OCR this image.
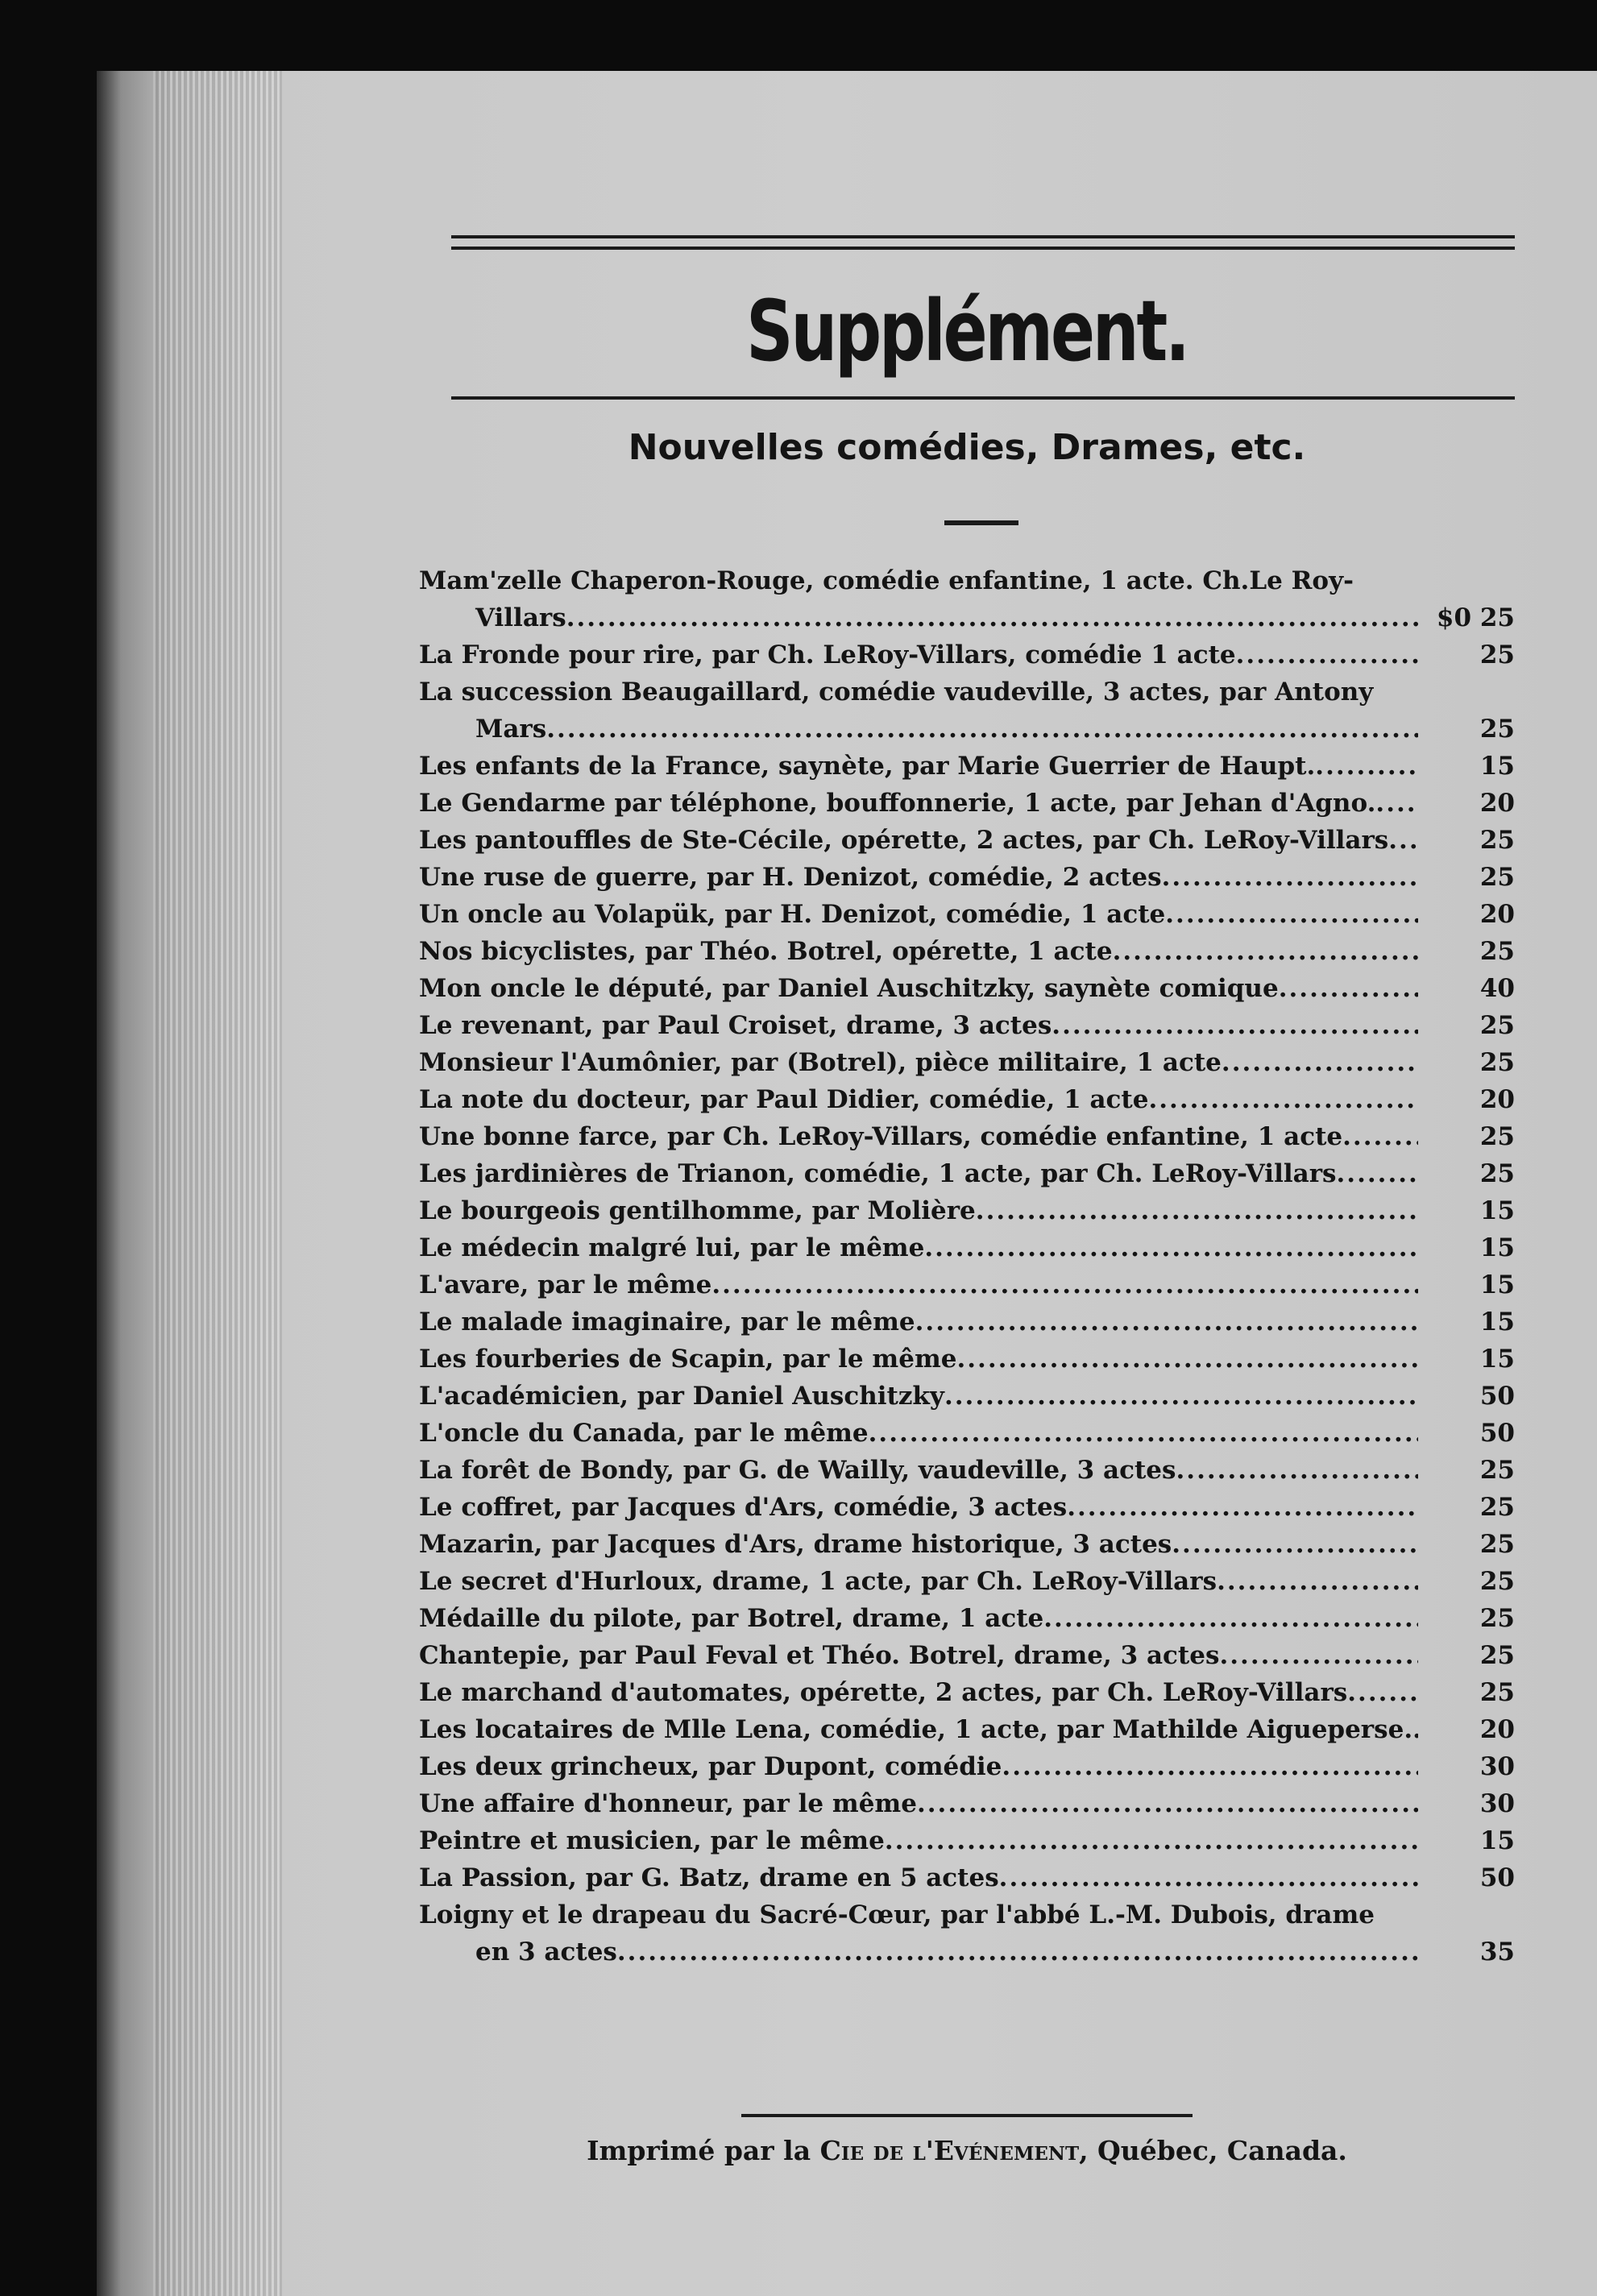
Supplément.
Nouvelles comédies, Drames, etc.
Mam'zelle Chaperon-Rouge, comédie enfantine, 1 acte. Ch.Le Roy-
Villars .....	$0 25
La Fronde pour rire, par Ch. LeRoy-Villars, comédie 1 acte .....	25
La succession Beaugaillard, comédie vaudeville, 3 actes, par Antony
Mars .....	25
Les enfants de la France, saynète, par Marie Guerrier de Haupt. .....	15
Le Gendarme par téléphone, bouffonnerie, 1 acte, par Jehan d'Agno. .....	20
Les pantouffles de Ste-Cécile, opérette, 2 actes, par Ch. LeRoy-Villars .....	25
Une ruse de guerre, par H. Denizot, comédie, 2 actes .....	25
Un oncle au Volapük, par H. Denizot, comédie, 1 acte .....	20
Nos bicyclistes, par Théo. Botrel, opérette, 1 acte .....	25
Mon oncle le député, par Daniel Auschitzky, saynète comique .....	40
Le revenant, par Paul Croiset, drame, 3 actes .....	25
Monsieur l'Aumônier, par (Botrel), pièce militaire, 1 acte .....	25
La note du docteur, par Paul Didier, comédie, 1 acte .....	20
Une bonne farce, par Ch. LeRoy-Villars, comédie enfantine, 1 acte .....	25
Les jardinières de Trianon, comédie, 1 acte, par Ch. LeRoy-Villars .....	25
Le bourgeois gentilhomme, par Molière .....	15
Le médecin malgré lui, par le même .....	15
L'avare, par le même .....	15
Le malade imaginaire, par le même .....	15
Les fourberies de Scapin, par le même .....	15
L'académicien, par Daniel Auschitzky .....	50
L'oncle du Canada, par le même .....	50
La forêt de Bondy, par G. de Wailly, vaudeville, 3 actes .....	25
Le coffret, par Jacques d'Ars, comédie, 3 actes .....	25
Mazarin, par Jacques d'Ars, drame historique, 3 actes .....	25
Le secret d'Hurloux, drame, 1 acte, par Ch. LeRoy-Villars .....	25
Médaille du pilote, par Botrel, drame, 1 acte .....	25
Chantepie, par Paul Feval et Théo. Botrel, drame, 3 actes .....	25
Le marchand d'automates, opérette, 2 actes, par Ch. LeRoy-Villars .....	25
Les locataires de Mlle Lena, comédie, 1 acte, par Mathilde Aigueperse. .....	20
Les deux grincheux, par Dupont, comédie .....	30
Une affaire d'honneur, par le même .....	30
Peintre et musicien, par le même .....	15
La Passion, par G. Batz, drame en 5 actes .....	50
Loigny et le drapeau du Sacré-Cœur, par l'abbé L.-M. Dubois, drame
en 3 actes .....	35
Imprimé par la Cie de l'Evénement, Québec, Canada.
